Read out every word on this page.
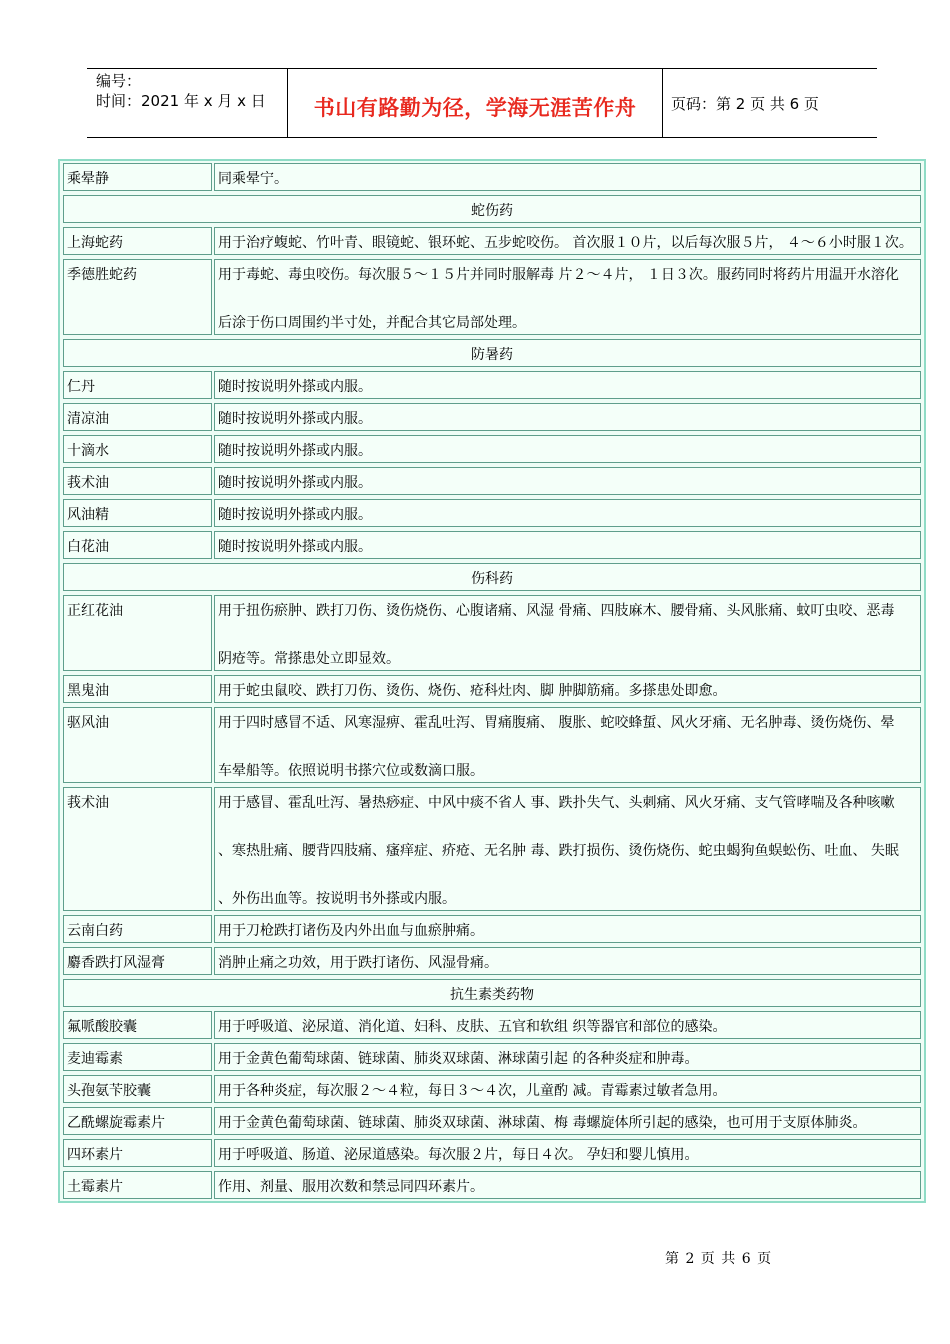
编号：
时间：2021 年 x 月 x 日	书山有路勤为径，学海无涯苦作舟	页码：第 2 页 共 6 页
乘晕静	同乘晕宁。
蛇伤药
上海蛇药	用于治疗蝮蛇、竹叶青、眼镜蛇、银环蛇、五步蛇咬伤。 首次服１０片，以后每次服５片， ４～６小时服１次。
季德胜蛇药	用于毒蛇、毒虫咬伤。每次服５～１５片并同时服解毒 片２～４片， １日３次。服药同时将药片用温开水溶化
后涂于伤口周围约半寸处，并配合其它局部处理。
防暑药
仁丹	随时按说明外搽或内服。
清凉油	随时按说明外搽或内服。
十滴水	随时按说明外搽或内服。
莪术油	随时按说明外搽或内服。
风油精	随时按说明外搽或内服。
白花油	随时按说明外搽或内服。
伤科药
正红花油	用于扭伤瘀肿、跌打刀伤、烫伤烧伤、心腹诸痛、风湿 骨痛、四肢麻木、腰骨痛、头风胀痛、蚊叮虫咬、恶毒
阴疮等。常搽患处立即显效。
黑鬼油	用于蛇虫鼠咬、跌打刀伤、烫伤、烧伤、疮科灶肉、脚 肿脚筋痛。多搽患处即愈。
驱风油	用于四时感冒不适、风寒湿痹、霍乱吐泻、胃痛腹痛、 腹胀、蛇咬蜂蜇、风火牙痛、无名肿毒、烫伤烧伤、晕
车晕船等。依照说明书搽穴位或数滴口服。
莪术油	用于感冒、霍乱吐泻、暑热痧症、中风中痰不省人 事、跌扑失气、头刺痛、风火牙痛、支气管哮喘及各种咳嗽
、寒热肚痛、腰背四肢痛、瘙痒症、疥疮、无名肿 毒、跌打损伤、烫伤烧伤、蛇虫蝎狗鱼蜈蚣伤、吐血、 失眠
、外伤出血等。按说明书外搽或内服。
云南白药	用于刀枪跌打诸伤及内外出血与血瘀肿痛。
麝香跌打风湿膏	消肿止痛之功效，用于跌打诸伤、风湿骨痛。
抗生素类药物
氟哌酸胶囊	用于呼吸道、泌尿道、消化道、妇科、皮肤、五官和软组 织等器官和部位的感染。
麦迪霉素	用于金黄色葡萄球菌、链球菌、肺炎双球菌、淋球菌引起 的各种炎症和肿毒。
头孢氨苄胶囊	用于各种炎症，每次服２～４粒，每日３～４次，儿童酌 减。青霉素过敏者急用。
乙酰螺旋霉素片	用于金黄色葡萄球菌、链球菌、肺炎双球菌、淋球菌、梅 毒螺旋体所引起的感染，也可用于支原体肺炎。
四环素片	用于呼吸道、肠道、泌尿道感染。每次服２片，每日４次。 孕妇和婴儿慎用。
土霉素片	作用、剂量、服用次数和禁忌同四环素片。
第 2 页 共 6 页
